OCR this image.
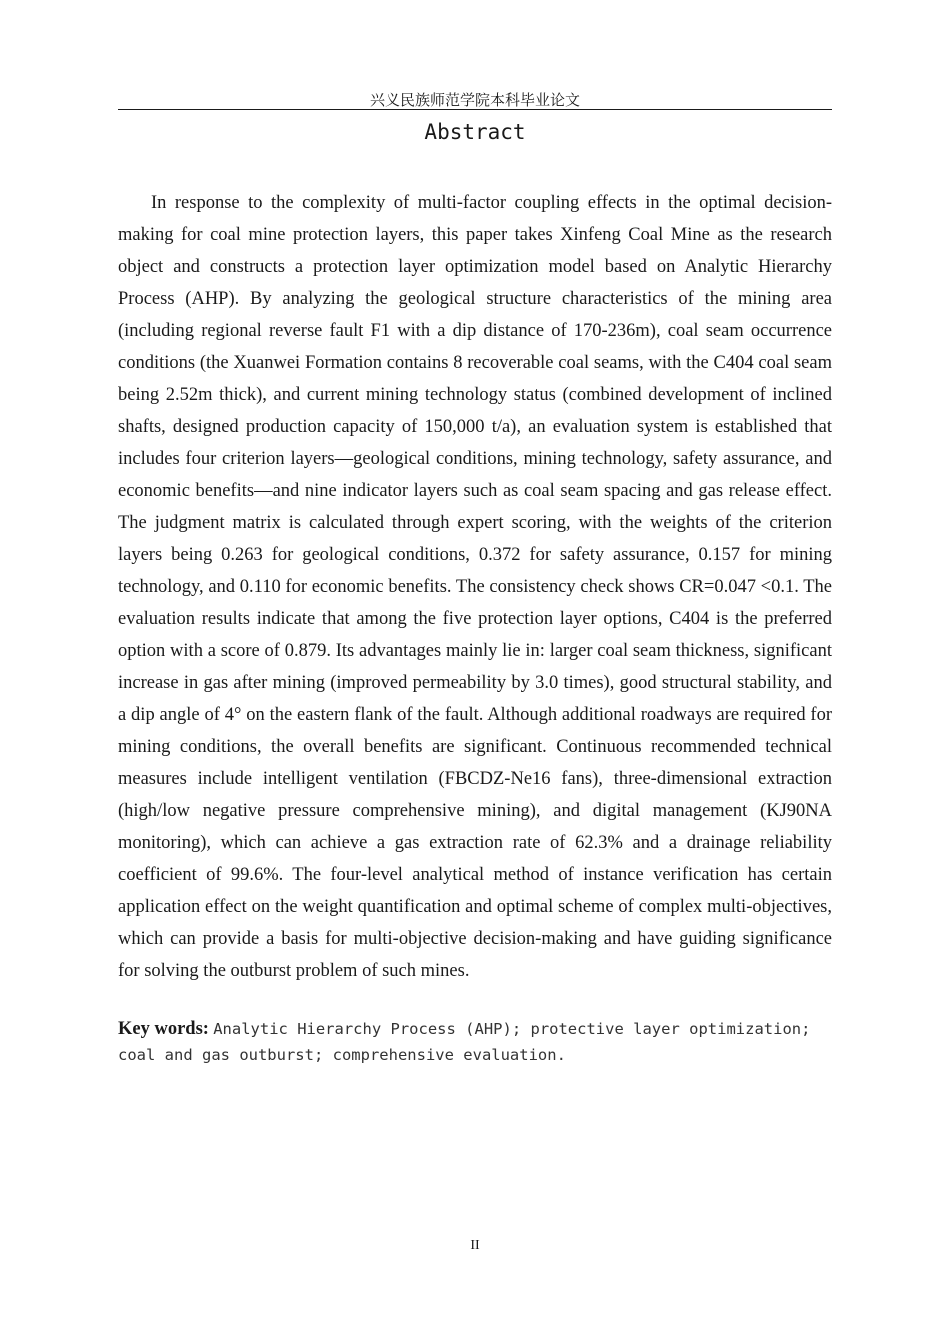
兴义民族师范学院本科毕业论文
Abstract

In response to the complexity of multi-factor coupling effects in the optimal decision-making for coal mine protection layers, this paper takes Xinfeng Coal Mine as the research object and constructs a protection layer optimization model based on Analytic Hierarchy Process (AHP). By analyzing the geological structure characteristics of the mining area (including regional reverse fault F1 with a dip distance of 170-236m), coal seam occurrence conditions (the Xuanwei Formation contains 8 recoverable coal seams, with the C404 coal seam being 2.52m thick), and current mining technology status (combined development of inclined shafts, designed production capacity of 150,000 t/a), an evaluation system is established that includes four criterion layers—geological conditions, mining technology, safety assurance, and economic benefits—and nine indicator layers such as coal seam spacing and gas release effect. The judgment matrix is calculated through expert scoring, with the weights of the criterion layers being 0.263 for geological conditions, 0.372 for safety assurance, 0.157 for mining technology, and 0.110 for economic benefits. The consistency check shows CR=0.047 <0.1. The evaluation results indicate that among the five protection layer options, C404 is the preferred option with a score of 0.879. Its advantages mainly lie in: larger coal seam thickness, significant increase in gas after mining (improved permeability by 3.0 times), good structural stability, and a dip angle of 4° on the eastern flank of the fault. Although additional roadways are required for mining conditions, the overall benefits are significant. Continuous recommended technical measures include intelligent ventilation (FBCDZ-Ne16 fans), three-dimensional extraction (high/low negative pressure comprehensive mining), and digital management (KJ90NA monitoring), which can achieve a gas extraction rate of 62.3% and a drainage reliability coefficient of 99.6%. The four-level analytical method of instance verification has certain application effect on the weight quantification and optimal scheme of complex multi-objectives, which can provide a basis for multi-objective decision-making and have guiding significance for solving the outburst problem of such mines.

Key words: Analytic Hierarchy Process (AHP); protective layer optimization; coal and gas outburst; comprehensive evaluation.

II
